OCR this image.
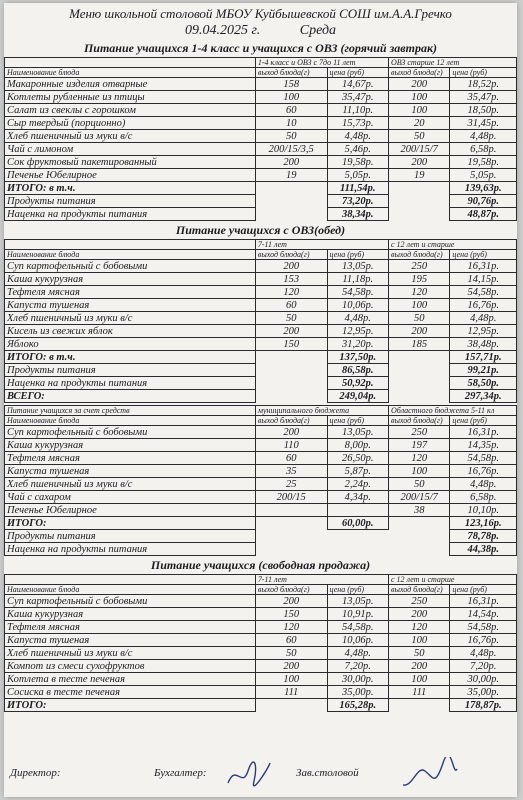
Меню школьной столовой МБОУ Куйбышевской СОШ им.А.А.Гречко
09.04.2025 г.	Среда
Питание учащихся 1-4 класс и учащихся с ОВЗ (горячий завтрак)
	1-4 класс и ОВЗ с 7до 11 лет		ОВЗ старше 12 лет	
Наименование блюда	выход блюда(г)	цена (руб)	выход блюда(г)	цена (руб)
Макаронные изделия отварные	158	14,67р.	200	18,52р.
Котлеты рубленные из птицы	100	35,47р.	100	35,47р.
Салат из свеклы с горошком	60	11,10р.	100	18,50р.
Сыр твердый (порционно)	10	15,73р.	20	31,45р.
Хлеб пшеничный из муки в/с	50	4,48р.	50	4,48р.
Чай с лимоном	200/15/3,5	5,46р.	200/15/7	6,58р.
Сок фруктовый пакетированный	200	19,58р.	200	19,58р.
Печенье Юбелирное	19	5,05р.	19	5,05р.
ИТОГО: в т.ч.		111,54р.		139,63р.
Продукты питания		73,20р.		90,76р.
Наценка на продукты питания		38,34р.		48,87р.
Питание учащихся с ОВЗ(обед)
	7-11 лет		с 12 лет и старше	
Наименование блюда	выход блюда(г)	цена (руб)	выход блюда(г)	цена (руб)
Суп картофельный с бобовыми	200	13,05р.	250	16,31р.
Каша кукурузная	153	11,18р.	195	14,15р.
Тефтеля мясная	120	54,58р.	120	54,58р.
Капуста тушеная	60	10,06р.	100	16,76р.
Хлеб пшеничный из муки в/с	50	4,48р.	50	4,48р.
Кисель из свежих яблок	200	12,95р.	200	12,95р.
Яблоко	150	31,20р.	185	38,48р.
ИТОГО: в т.ч.		137,50р.		157,71р.
Продукты питания		86,58р.		99,21р.
Наценка на продукты питания		50,92р.		58,50р.
ВСЕГО:		249,04р.		297,34р.
Питание учащихся за счет средств	муниципального бюджета		Областного бюджета 5-11 кл	
Наименование блюда	выход блюда(г)	цена (руб)	выход блюда(г)	цена (руб)
Суп картофельный с бобовыми	200	13,05р.	250	16,31р.
Каша кукурузная	110	8,00р.	197	14,35р.
Тефтеля мясная	60	26,50р.	120	54,58р.
Капуста тушеная	35	5,87р.	100	16,76р.
Хлеб пшеничный из муки в/с	25	2,24р.	50	4,48р.
Чай с сахаром	200/15	4,34р.	200/15/7	6,58р.
Печенье Юбелирное			38	10,10р.
ИТОГО:		60,00р.		123,16р.
Продукты питания				78,78р.
Наценка на продукты питания				44,38р.
Питание учащихся (свободная продажа)
	7-11 лет		с 12 лет и старше	
Наименование блюда	выход блюда(г)	цена (руб)	выход блюда(г)	цена (руб)
Суп картофельный с бобовыми	200	13,05р.	250	16,31р.
Каша кукурузная	150	10,91р.	200	14,54р.
Тефтеля мясная	120	54,58р.	120	54,58р.
Капуста тушеная	60	10,06р.	100	16,76р.
Хлеб пшеничный из муки в/с	50	4,48р.	50	4,48р.
Компот из смеси сухофруктов	200	7,20р.	200	7,20р.
Котлета в тесте печеная	100	30,00р.	100	30,00р.
Сосиска в тесте печеная	111	35,00р.	111	35,00р.
ИТОГО:		165,28р.		178,87р.
Директор:	Бухгалтер:	Зав.столовой
